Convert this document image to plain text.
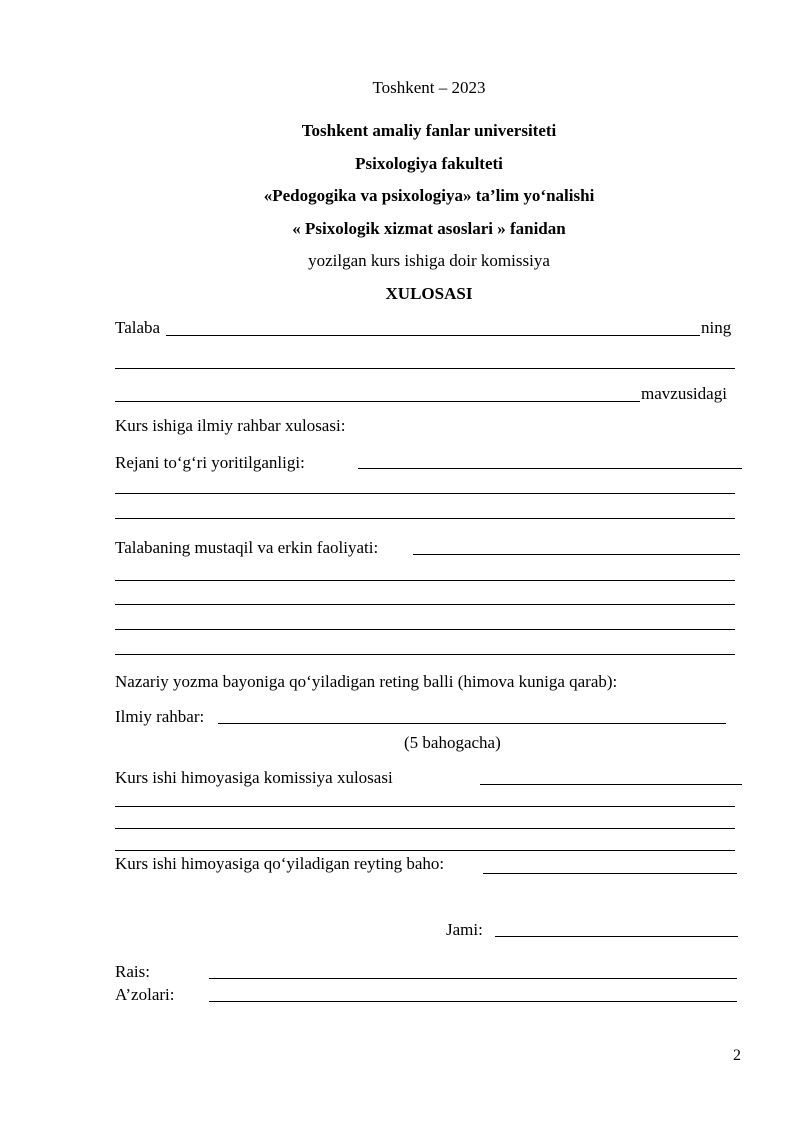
Toshkent – 2023
Toshkent amaliy fanlar universiteti
Psixologiya fakulteti
«Pedogogika va psixologiya» ta’lim yo‘nalishi
« Psixologik xizmat asoslari » fanidan
yozilgan kurs ishiga doir komissiya
XULOSASI
Talaba	ning
mavzusidagi
Kurs ishiga ilmiy rahbar xulosasi:
Rejani to‘g‘ri yoritilganligi:
Talabaning mustaqil va erkin faoliyati:
Nazariy yozma bayoniga qo‘yiladigan reting balli (himova kuniga qarab):
Ilmiy rahbar:
(5 bahogacha)
Kurs ishi himoyasiga komissiya xulosasi
Kurs ishi himoyasiga qo‘yiladigan reyting baho:
Jami:
Rais:
A’zolari:
2
